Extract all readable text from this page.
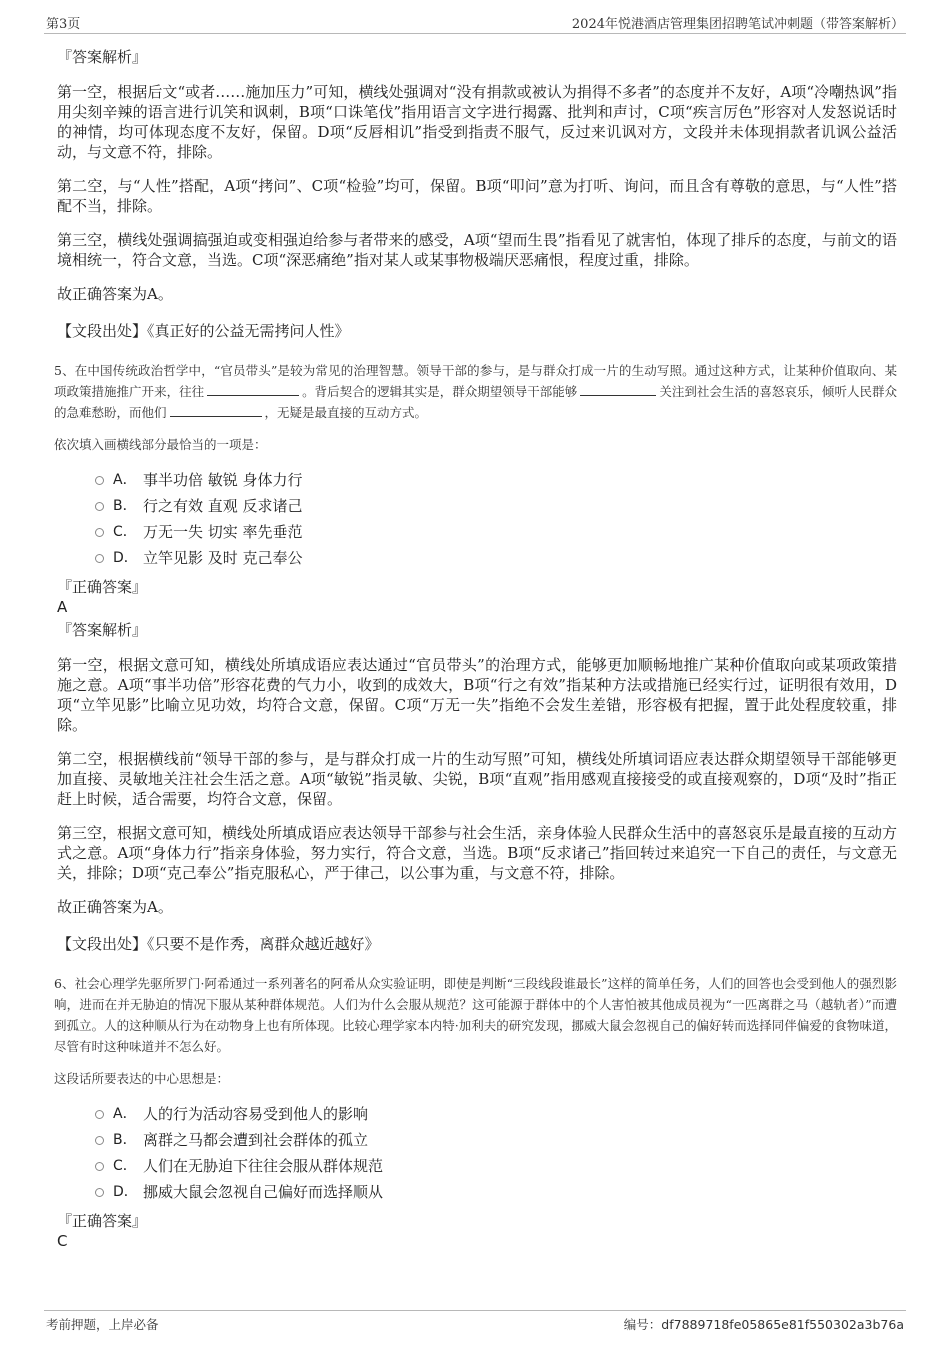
第3页	2024年悦港酒店管理集团招聘笔试冲刺题（带答案解析）
『答案解析』

第一空，根据后文“或者……施加压力”可知，横线处强调对“没有捐款或被认为捐得不多者”的态度并不友好，A项“冷嘲热讽”指用尖刻辛辣的语言进行讥笑和讽刺，B项“口诛笔伐”指用语言文字进行揭露、批判和声讨，C项“疾言厉色”形容对人发怒说话时的神情，均可体现态度不友好，保留。D项“反唇相讥”指受到指责不服气，反过来讥讽对方，文段并未体现捐款者讥讽公益活动，与文意不符，排除。

第二空，与“人性”搭配，A项“拷问”、C项“检验”均可，保留。B项“叩问”意为打听、询问，而且含有尊敬的意思，与“人性”搭配不当，排除。

第三空，横线处强调搞强迫或变相强迫给参与者带来的感受，A项“望而生畏”指看见了就害怕，体现了排斥的态度，与前文的语境相统一，符合文意，当选。C项“深恶痛绝”指对某人或某事物极端厌恶痛恨，程度过重，排除。

故正确答案为A。

【文段出处】《真正好的公益无需拷问人性》

5、在中国传统政治哲学中，“官员带头”是较为常见的治理智慧。领导干部的参与，是与群众打成一片的生动写照。通过这种方式，让某种价值取向、某项政策措施推广开来，往往	。背后契合的逻辑其实是，群众期望领导干部能够	关注到社会生活的喜怒哀乐，倾听人民群众的急难愁盼，而他们	，无疑是最直接的互动方式。

依次填入画横线部分最恰当的一项是：

A． 事半功倍 敏锐 身体力行
B． 行之有效 直观 反求诸己
C． 万无一失 切实 率先垂范
D． 立竿见影 及时 克己奉公
『正确答案』
A
『答案解析』

第一空，根据文意可知，横线处所填成语应表达通过“官员带头”的治理方式，能够更加顺畅地推广某种价值取向或某项政策措施之意。A项“事半功倍”形容花费的气力小，收到的成效大，B项“行之有效”指某种方法或措施已经实行过，证明很有效用，D项“立竿见影”比喻立见功效，均符合文意，保留。C项“万无一失”指绝不会发生差错，形容极有把握，置于此处程度较重，排除。

第二空，根据横线前“领导干部的参与，是与群众打成一片的生动写照”可知，横线处所填词语应表达群众期望领导干部能够更加直接、灵敏地关注社会生活之意。A项“敏锐”指灵敏、尖锐，B项“直观”指用感观直接接受的或直接观察的，D项“及时”指正赶上时候，适合需要，均符合文意，保留。

第三空，根据文意可知，横线处所填成语应表达领导干部参与社会生活，亲身体验人民群众生活中的喜怒哀乐是最直接的互动方式之意。A项“身体力行”指亲身体验，努力实行，符合文意，当选。B项“反求诸己”指回转过来追究一下自己的责任，与文意无关，排除；D项“克己奉公”指克服私心，严于律己，以公事为重，与文意不符，排除。

故正确答案为A。

【文段出处】《只要不是作秀，离群众越近越好》

6、社会心理学先驱所罗门·阿希通过一系列著名的阿希从众实验证明，即使是判断“三段线段谁最长”这样的简单任务，人们的回答也会受到他人的强烈影响，进而在并无胁迫的情况下服从某种群体规范。人们为什么会服从规范？这可能源于群体中的个人害怕被其他成员视为“一匹离群之马（越轨者）”而遭到孤立。人的这种顺从行为在动物身上也有所体现。比较心理学家本内特·加利夫的研究发现，挪威大鼠会忽视自己的偏好转而选择同伴偏爱的食物味道，尽管有时这种味道并不怎么好。

这段话所要表达的中心思想是：

A． 人的行为活动容易受到他人的影响
B． 离群之马都会遭到社会群体的孤立
C． 人们在无胁迫下往往会服从群体规范
D． 挪威大鼠会忽视自己偏好而选择顺从
『正确答案』
C
考前押题，上岸必备	编号：df7889718fe05865e81f550302a3b76a
